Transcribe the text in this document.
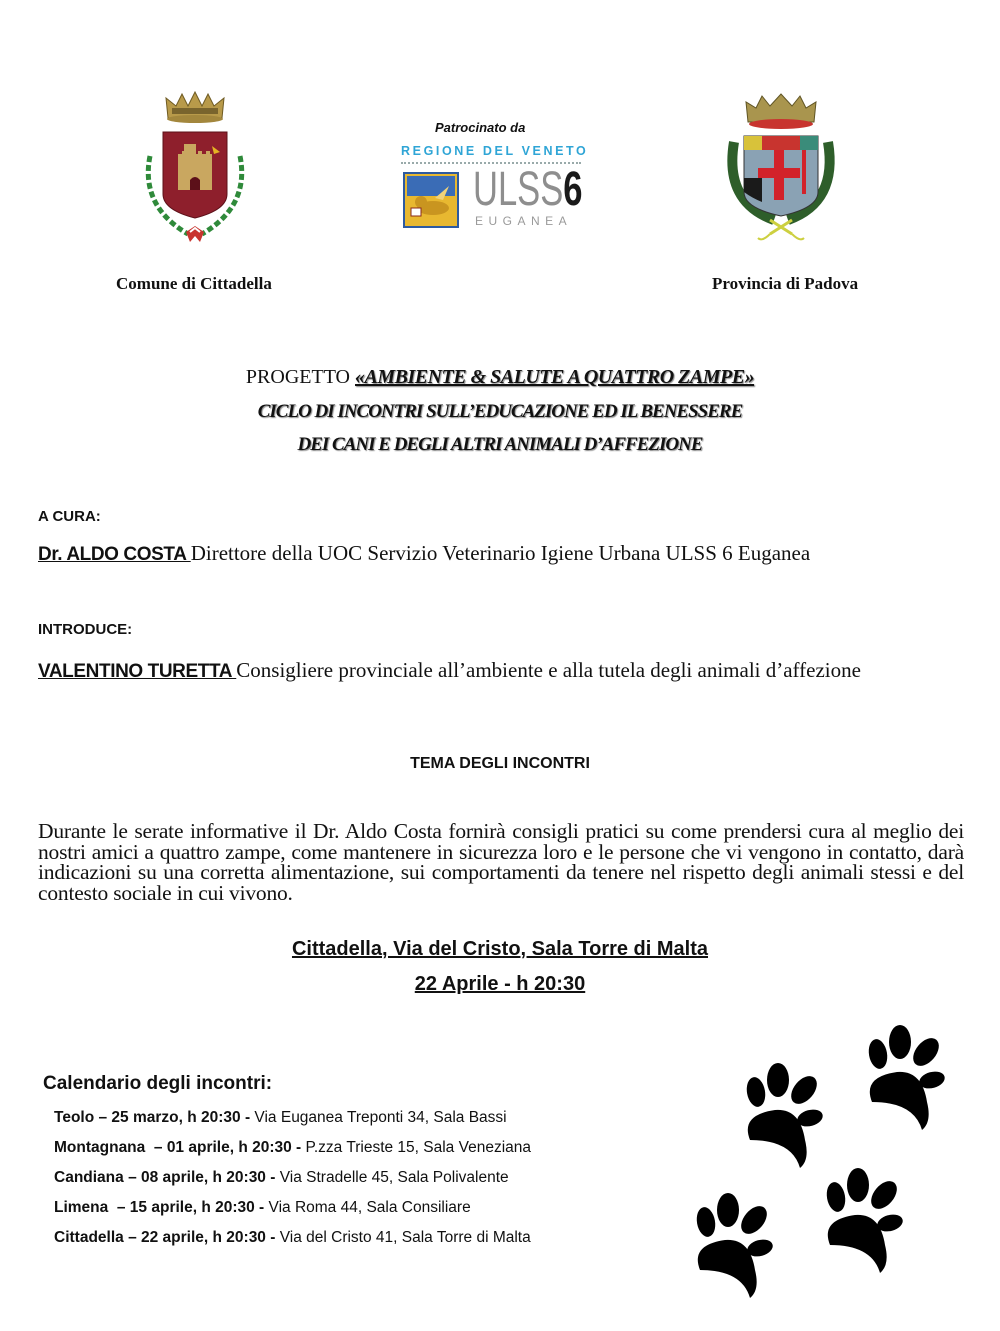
Comune di Cittadella
Patrocinato da
REGIONE DEL VENETO
ULSS6
EUGANEA
Provincia di Padova
PROGETTO «AMBIENTE & SALUTE A QUATTRO ZAMPE»
CICLO DI INCONTRI SULL’EDUCAZIONE ED IL BENESSERE
DEI CANI E DEGLI ALTRI ANIMALI D’AFFEZIONE
A CURA:
Dr. ALDO COSTA Direttore della UOC Servizio Veterinario Igiene Urbana ULSS 6 Euganea
INTRODUCE:
VALENTINO TURETTA Consigliere provinciale all’ambiente e alla tutela degli animali d’affezione
TEMA DEGLI INCONTRI
Durante le serate informative il Dr. Aldo Costa fornirà consigli pratici su come prendersi cura al meglio dei nostri amici a quattro zampe, come mantenere in sicurezza loro e le persone che vi vengono in contatto, darà indicazioni su una corretta alimentazione, sui comportamenti da tenere nel rispetto degli animali stessi e del contesto sociale in cui vivono.
Cittadella, Via del Cristo, Sala Torre di Malta
22 Aprile - h 20:30
Calendario degli incontri:
Teolo – 25 marzo, h 20:30 - Via Euganea Treponti 34, Sala Bassi
Montagnana  – 01 aprile, h 20:30 - P.zza Trieste 15, Sala Veneziana
Candiana – 08 aprile, h 20:30 - Via Stradelle 45, Sala Polivalente
Limena  – 15 aprile, h 20:30 - Via Roma 44, Sala Consiliare
Cittadella – 22 aprile, h 20:30 - Via del Cristo 41, Sala Torre di Malta
